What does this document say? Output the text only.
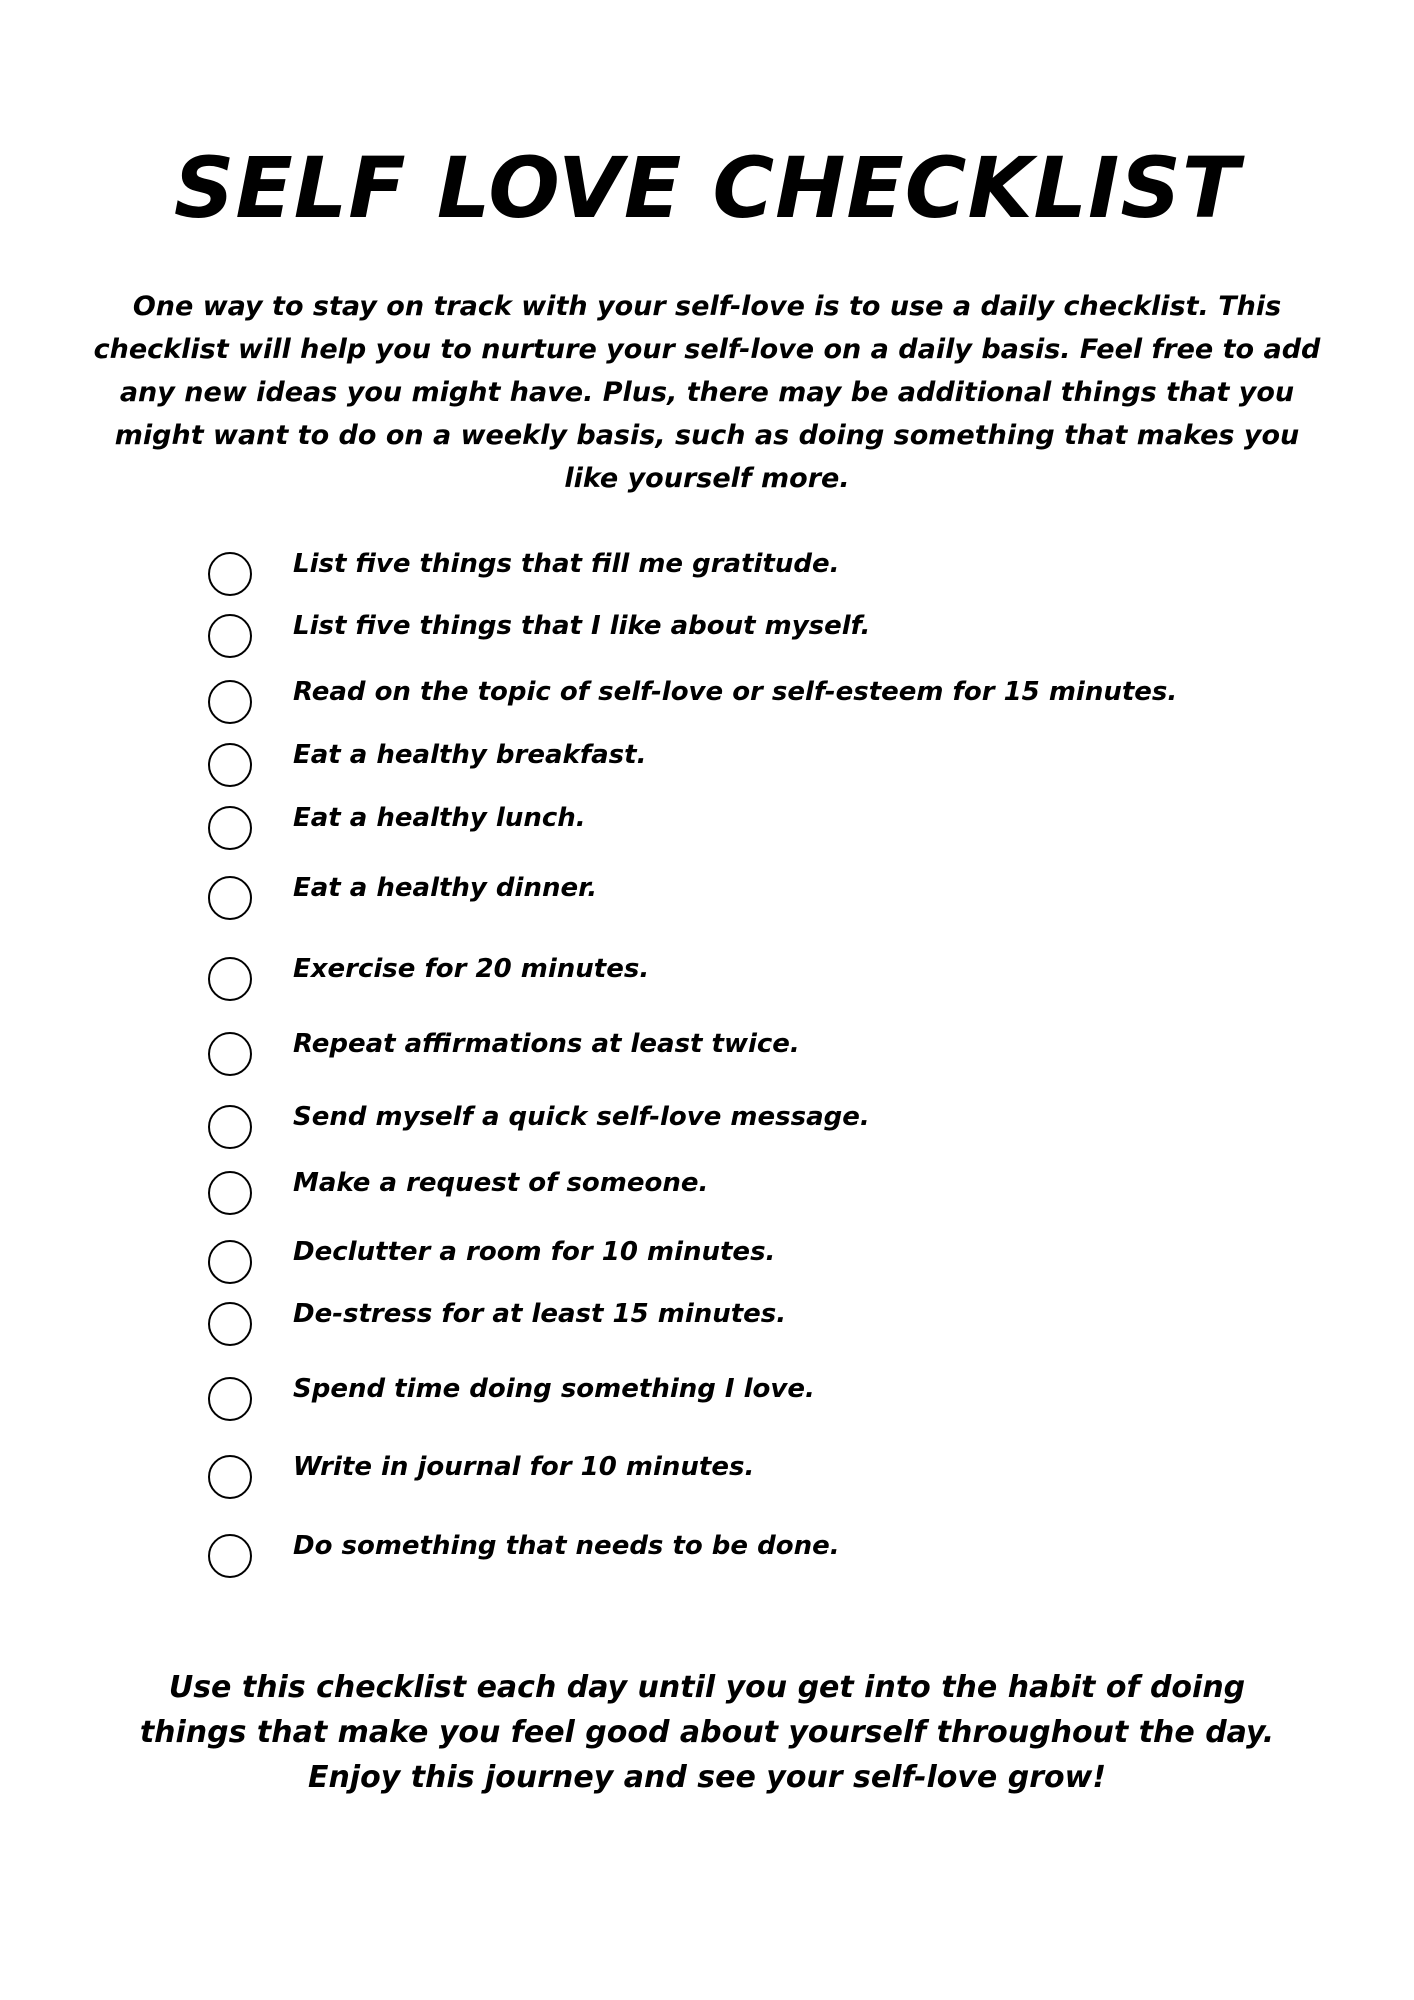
SELF LOVE CHECKLIST

One way to stay on track with your self-love is to use a daily checklist. This checklist will help you to nurture your self-love on a daily basis. Feel free to add any new ideas you might have. Plus, there may be additional things that you might want to do on a weekly basis, such as doing something that makes you like yourself more.

List five things that fill me gratitude.
List five things that I like about myself.
Read on the topic of self-love or self-esteem for 15 minutes.
Eat a healthy breakfast.
Eat a healthy lunch.
Eat a healthy dinner.
Exercise for 20 minutes.
Repeat affirmations at least twice.
Send myself a quick self-love message.
Make a request of someone.
Declutter a room for 10 minutes.
De-stress for at least 15 minutes.
Spend time doing something I love.
Write in journal for 10 minutes.
Do something that needs to be done.

Use this checklist each day until you get into the habit of doing things that make you feel good about yourself throughout the day. Enjoy this journey and see your self-love grow!
